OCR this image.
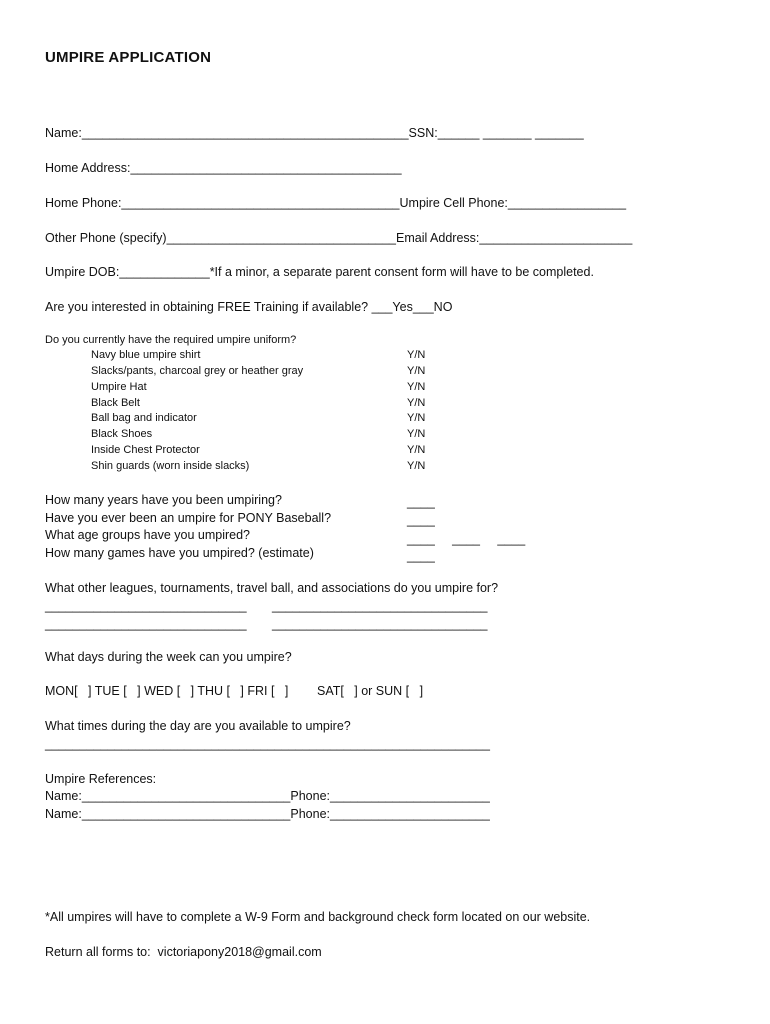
UMPIRE APPLICATION
Name:_______________________________________________SSN:______ _______ _______
Home Address:_______________________________________
Home Phone:________________________________________Umpire Cell Phone:_________________
Other Phone (specify)_________________________________Email Address:______________________
Umpire DOB:_____________*If a minor, a separate parent consent form will have to be completed.
Are you interested in obtaining FREE Training if available? ___Yes___NO
Do you currently have the required umpire uniform?
Navy blue umpire shirt	Y/N
Slacks/pants, charcoal grey or heather gray	Y/N
Umpire Hat	Y/N
Black Belt	Y/N
Ball bag and indicator	Y/N
Black Shoes	Y/N
Inside Chest Protector	Y/N
Shin guards (worn inside slacks)	Y/N
How many years have you been umpiring?	____
Have you ever been an umpire for PONY Baseball?	____
What age groups have you umpired?	____     ____     ____
How many games have you umpired? (estimate)	____
What other leagues, tournaments, travel ball, and associations do you umpire for?
_____________________________ _______________________________
_____________________________ _______________________________
What days during the week can you umpire?
MON[   ] TUE [   ] WED [   ] THU [   ] FRI [   ] SAT[   ] or SUN [   ]
What times during the day are you available to umpire?
________________________________________________________________
Umpire References:
Name:______________________________Phone:_______________________
Name:______________________________Phone:_______________________
*All umpires will have to complete a W-9 Form and background check form located on our website.
Return all forms to:  victoriapony2018@gmail.com
